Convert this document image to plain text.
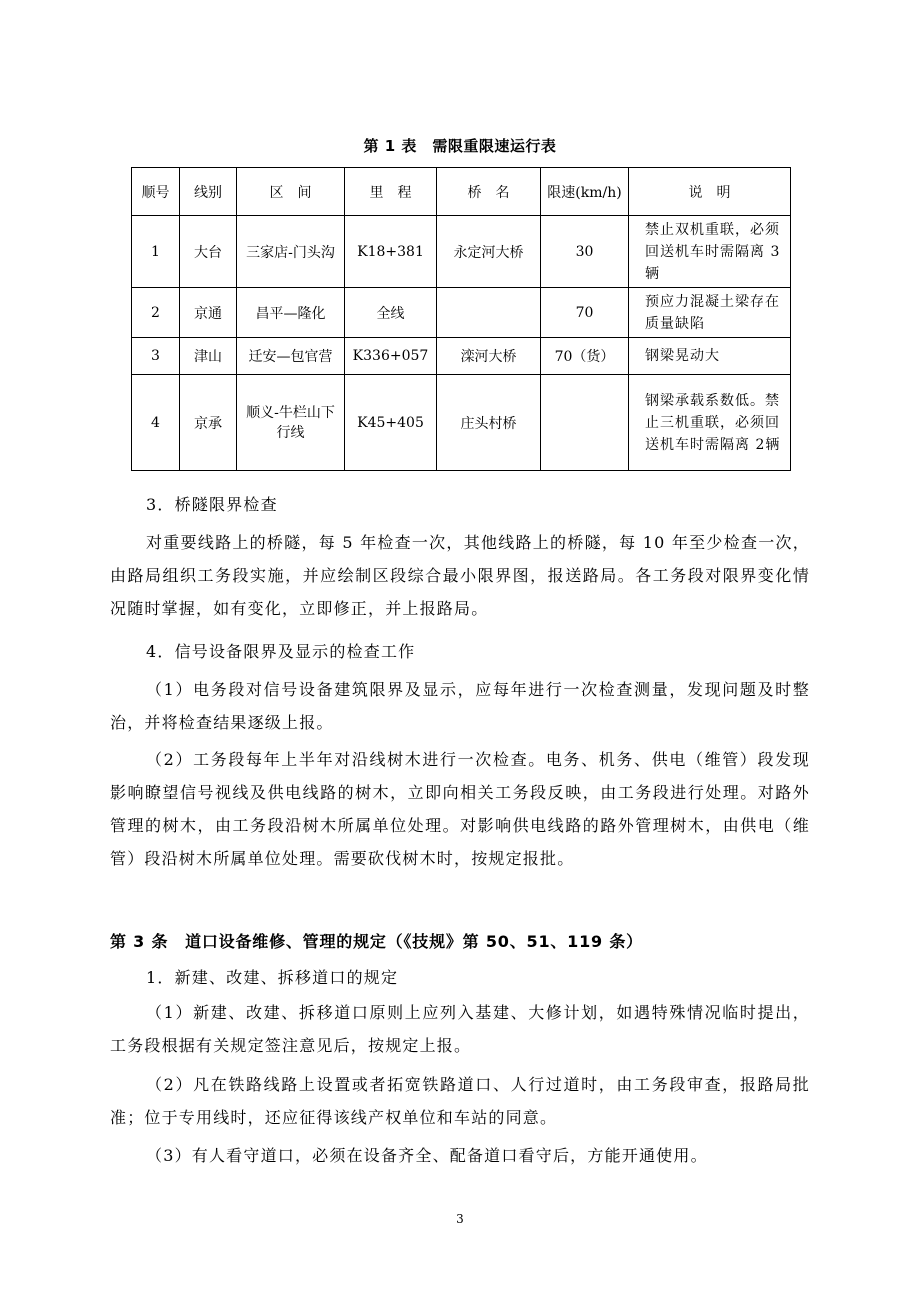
第 1 表　需限重限速运行表
顺号	线别	区　间	里　程	桥　名	限速(km/h)	说　明
1	大台	三家店-门头沟	K18+381	永定河大桥	30	禁止双机重联，必须回送机车时需隔离 3 辆
2	京通	昌平—隆化	全线		70	预应力混凝土梁存在质量缺陷
3	津山	迁安—包官营	K336+057	滦河大桥	70（货）	钢梁晃动大
4	京承	顺义-牛栏山下行线	K45+405	庄头村桥		钢梁承载系数低。禁止三机重联，必须回送机车时需隔离 2辆
3．桥隧限界检查
对重要线路上的桥隧，每 5 年检查一次，其他线路上的桥隧，每 10 年至少检查一次，由路局组织工务段实施，并应绘制区段综合最小限界图，报送路局。各工务段对限界变化情况随时掌握，如有变化，立即修正，并上报路局。
4．信号设备限界及显示的检查工作
（1）电务段对信号设备建筑限界及显示，应每年进行一次检查测量，发现问题及时整治，并将检查结果逐级上报。
（2）工务段每年上半年对沿线树木进行一次检查。电务、机务、供电（维管）段发现影响瞭望信号视线及供电线路的树木，立即向相关工务段反映，由工务段进行处理。对路外管理的树木，由工务段沿树木所属单位处理。对影响供电线路的路外管理树木，由供电（维管）段沿树木所属单位处理。需要砍伐树木时，按规定报批。
第 3 条　道口设备维修、管理的规定（《技规》第 50、51、119 条）
1．新建、改建、拆移道口的规定
（1）新建、改建、拆移道口原则上应列入基建、大修计划，如遇特殊情况临时提出，工务段根据有关规定签注意见后，按规定上报。
（2）凡在铁路线路上设置或者拓宽铁路道口、人行过道时，由工务段审查，报路局批准；位于专用线时，还应征得该线产权单位和车站的同意。
（3）有人看守道口，必须在设备齐全、配备道口看守后，方能开通使用。
3
